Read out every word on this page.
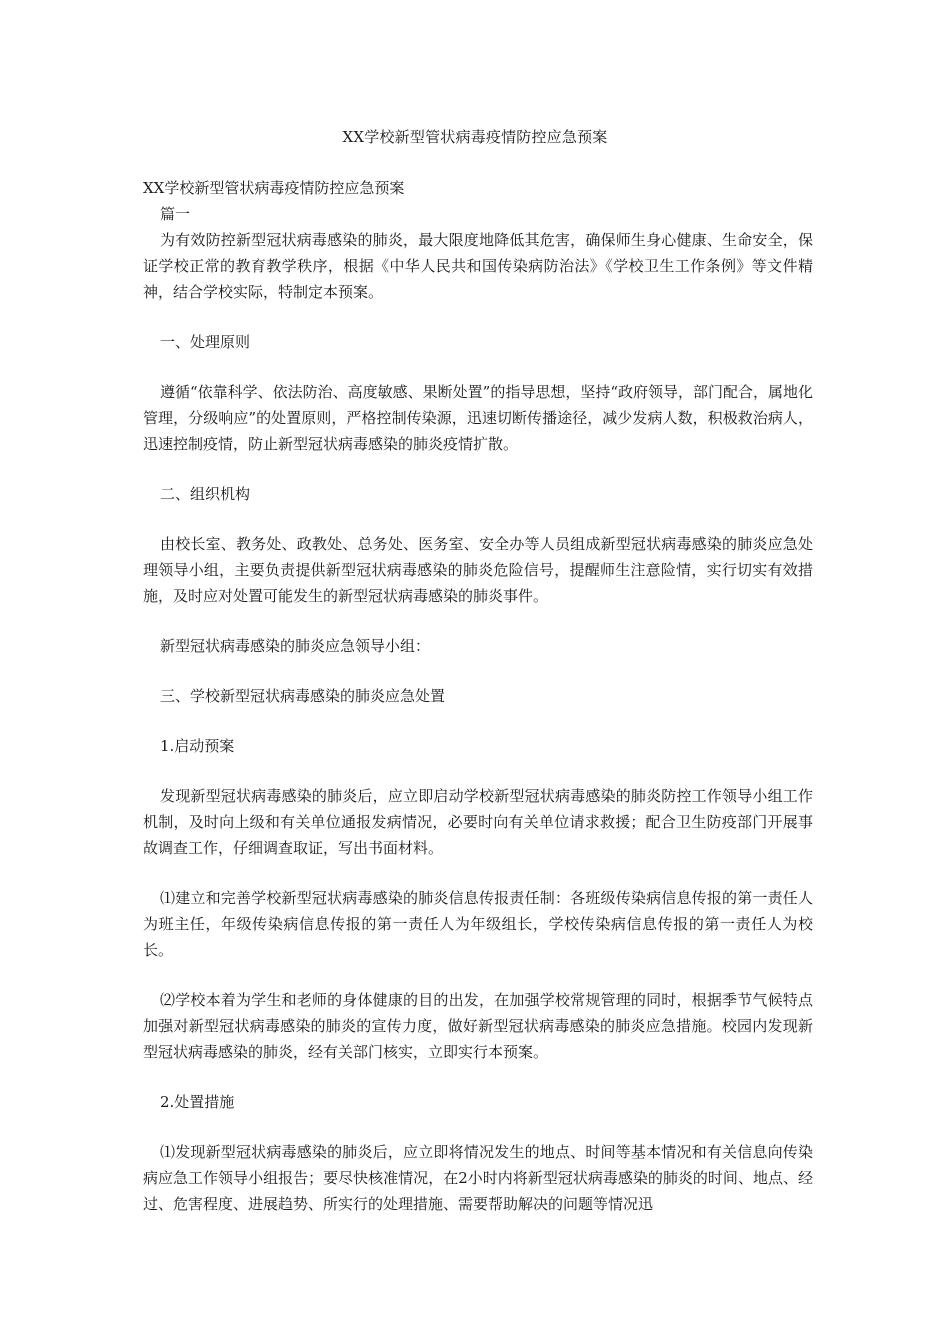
XX学校新型管状病毒疫情防控应急预案

XX学校新型管状病毒疫情防控应急预案

篇一

为有效防控新型冠状病毒感染的肺炎，最大限度地降低其危害，确保师生身心健康、生命安全，保证学校正常的教育教学秩序，根据《中华人民共和国传染病防治法》《学校卫生工作条例》等文件精神，结合学校实际，特制定本预案。

一、处理原则

遵循“依靠科学、依法防治、高度敏感、果断处置”的指导思想，坚持“政府领导，部门配合，属地化管理，分级响应”的处置原则，严格控制传染源，迅速切断传播途径，减少发病人数，积极救治病人，迅速控制疫情，防止新型冠状病毒感染的肺炎疫情扩散。

二、组织机构

由校长室、教务处、政教处、总务处、医务室、安全办等人员组成新型冠状病毒感染的肺炎应急处理领导小组，主要负责提供新型冠状病毒感染的肺炎危险信号，提醒师生注意险情，实行切实有效措施，及时应对处置可能发生的新型冠状病毒感染的肺炎事件。

新型冠状病毒感染的肺炎应急领导小组：

三、学校新型冠状病毒感染的肺炎应急处置

1.启动预案

发现新型冠状病毒感染的肺炎后，应立即启动学校新型冠状病毒感染的肺炎防控工作领导小组工作机制，及时向上级和有关单位通报发病情况，必要时向有关单位请求救援；配合卫生防疫部门开展事故调查工作，仔细调查取证，写出书面材料。

⑴建立和完善学校新型冠状病毒感染的肺炎信息传报责任制：各班级传染病信息传报的第一责任人为班主任，年级传染病信息传报的第一责任人为年级组长，学校传染病信息传报的第一责任人为校长。

⑵学校本着为学生和老师的身体健康的目的出发，在加强学校常规管理的同时，根据季节气候特点加强对新型冠状病毒感染的肺炎的宣传力度，做好新型冠状病毒感染的肺炎应急措施。校园内发现新型冠状病毒感染的肺炎，经有关部门核实，立即实行本预案。

2.处置措施

⑴发现新型冠状病毒感染的肺炎后，应立即将情况发生的地点、时间等基本情况和有关信息向传染病应急工作领导小组报告；要尽快核准情况，在2小时内将新型冠状病毒感染的肺炎的时间、地点、经过、危害程度、进展趋势、所实行的处理措施、需要帮助解决的问题等情况迅
